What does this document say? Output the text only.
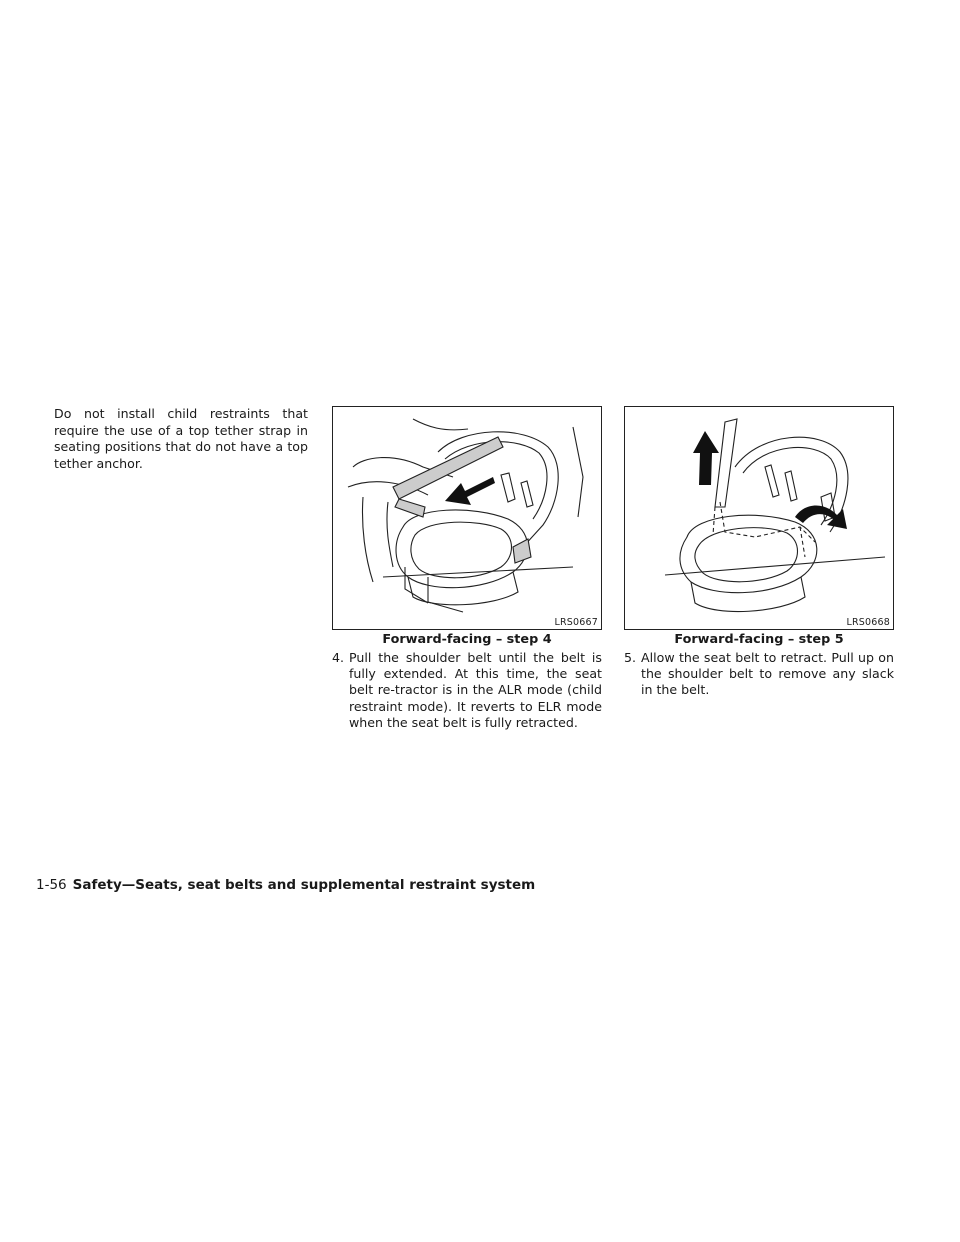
Do not install child restraints that require the use of a top tether strap in seating positions that do not have a top tether anchor.
LRS0667
Forward-facing – step 4
LRS0668
Forward-facing – step 5
4. Pull the shoulder belt until the belt is fully extended. At this time, the seat belt re-tractor is in the ALR mode (child restraint mode). It reverts to ELR mode when the seat belt is fully retracted.
5. Allow the seat belt to retract. Pull up on the shoulder belt to remove any slack in the belt.
1-56 Safety—Seats, seat belts and supplemental restraint system
